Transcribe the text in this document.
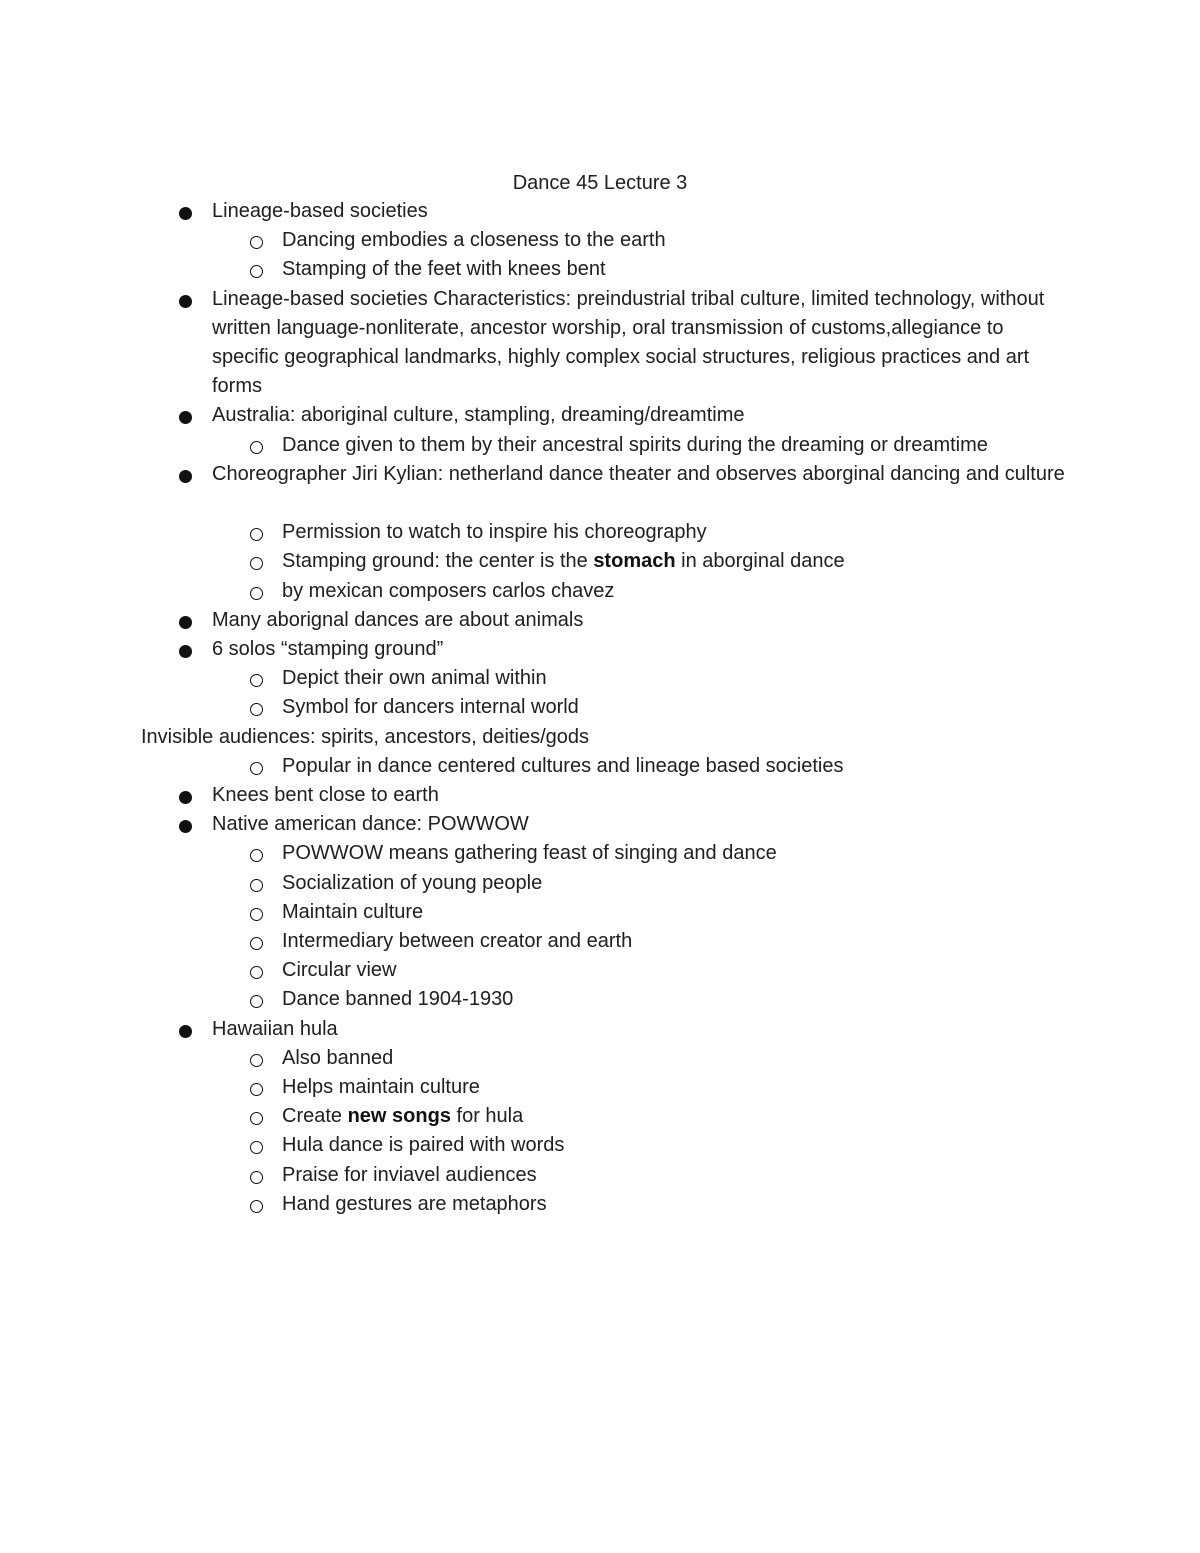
Dance 45 Lecture 3
Lineage-based societies
Dancing embodies a closeness to the earth
Stamping of the feet with knees bent
Lineage-based societies Characteristics: preindustrial tribal culture, limited technology, without written language-nonliterate, ancestor worship, oral transmission of customs,allegiance to specific geographical landmarks, highly complex social structures, religious practices and art forms
Australia: aboriginal culture, stampling, dreaming/dreamtime
Dance given to them by their ancestral spirits during the dreaming or dreamtime
Choreographer Jiri Kylian: netherland dance theater and observes aborginal dancing and culture
Permission to watch to inspire his choreography
Stamping ground: the center is the stomach in aborginal dance
by mexican composers carlos chavez
Many aborignal dances are about animals
6 solos “stamping ground”
Depict their own animal within
Symbol for dancers internal world
Invisible audiences: spirits, ancestors, deities/gods
Popular in dance centered cultures and lineage based societies
Knees bent close to earth
Native american dance: POWWOW
POWWOW means gathering feast of singing and dance
Socialization of young people
Maintain culture
Intermediary between creator and earth
Circular view
Dance banned 1904-1930
Hawaiian hula
Also banned
Helps maintain culture
Create new songs for hula
Hula dance is paired with words
Praise for inviavel audiences
Hand gestures are metaphors
